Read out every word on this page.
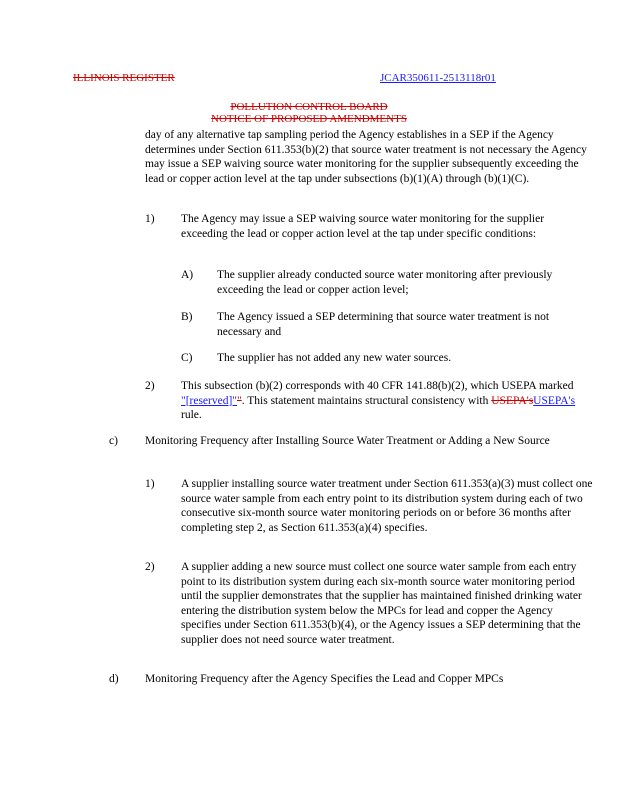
ILLINOIS REGISTER	JCAR350611-2513118r01
POLLUTION CONTROL BOARD
NOTICE OF PROPOSED AMENDMENTS
day of any alternative tap sampling period the Agency establishes in a SEP if the Agency determines under Section 611.353(b)(2) that source water treatment is not necessary the Agency may issue a SEP waiving source water monitoring for the supplier subsequently exceeding the lead or copper action level at the tap under subsections (b)(1)(A) through (b)(1)(C).
1) The Agency may issue a SEP waiving source water monitoring for the supplier exceeding the lead or copper action level at the tap under specific conditions:
A) The supplier already conducted source water monitoring after previously exceeding the lead or copper action level;
B) The Agency issued a SEP determining that source water treatment is not necessary and
C) The supplier has not added any new water sources.
2) This subsection (b)(2) corresponds with 40 CFR 141.88(b)(2), which USEPA marked "[reserved]"". This statement maintains structural consistency with USEPA'sUSEPA's rule.
c) Monitoring Frequency after Installing Source Water Treatment or Adding a New Source
1) A supplier installing source water treatment under Section 611.353(a)(3) must collect one source water sample from each entry point to its distribution system during each of two consecutive six-month source water monitoring periods on or before 36 months after completing step 2, as Section 611.353(a)(4) specifies.
2) A supplier adding a new source must collect one source water sample from each entry point to its distribution system during each six-month source water monitoring period until the supplier demonstrates that the supplier has maintained finished drinking water entering the distribution system below the MPCs for lead and copper the Agency specifies under Section 611.353(b)(4), or the Agency issues a SEP determining that the supplier does not need source water treatment.
d) Monitoring Frequency after the Agency Specifies the Lead and Copper MPCs
